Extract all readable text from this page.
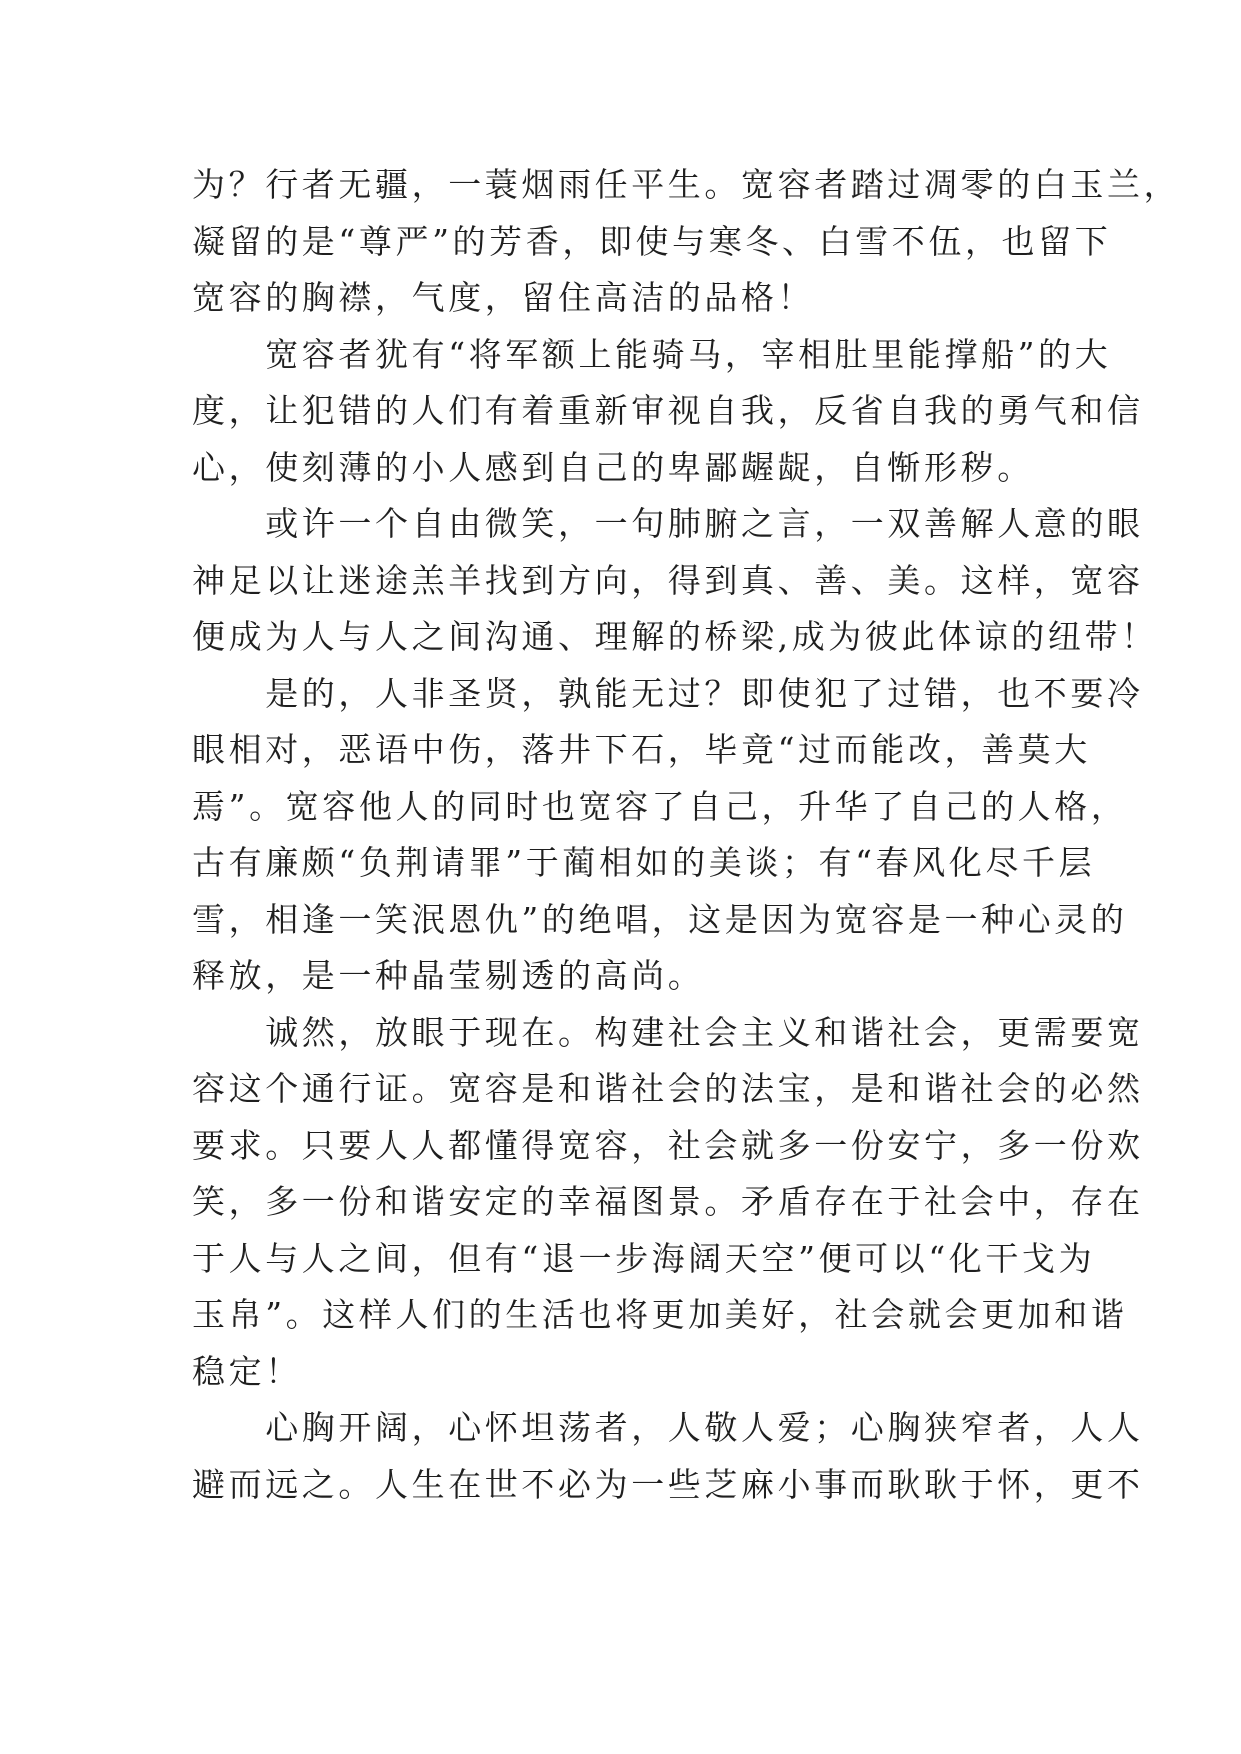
为？行者无疆，一蓑烟雨任平生。宽容者踏过凋零的白玉兰，
凝留的是“尊严”的芳香，即使与寒冬、白雪不伍，也留下
宽容的胸襟，气度，留住高洁的品格！
　　宽容者犹有“将军额上能骑马，宰相肚里能撑船”的大
度，让犯错的人们有着重新审视自我，反省自我的勇气和信
心，使刻薄的小人感到自己的卑鄙龌龊，自惭形秽。
　　或许一个自由微笑，一句肺腑之言，一双善解人意的眼
神足以让迷途羔羊找到方向，得到真、善、美。这样，宽容
便成为人与人之间沟通、理解的桥梁,成为彼此体谅的纽带！
　　是的，人非圣贤，孰能无过？即使犯了过错，也不要冷
眼相对，恶语中伤，落井下石，毕竟“过而能改，善莫大
焉”。宽容他人的同时也宽容了自己，升华了自己的人格，
古有廉颇“负荆请罪”于蔺相如的美谈；有“春风化尽千层
雪，相逢一笑泯恩仇”的绝唱，这是因为宽容是一种心灵的
释放，是一种晶莹剔透的高尚。
　　诚然，放眼于现在。构建社会主义和谐社会，更需要宽
容这个通行证。宽容是和谐社会的法宝，是和谐社会的必然
要求。只要人人都懂得宽容，社会就多一份安宁，多一份欢
笑，多一份和谐安定的幸福图景。矛盾存在于社会中，存在
于人与人之间，但有“退一步海阔天空”便可以“化干戈为
玉帛”。这样人们的生活也将更加美好，社会就会更加和谐
稳定！
　　心胸开阔，心怀坦荡者，人敬人爱；心胸狭窄者，人人
避而远之。人生在世不必为一些芝麻小事而耿耿于怀，更不
